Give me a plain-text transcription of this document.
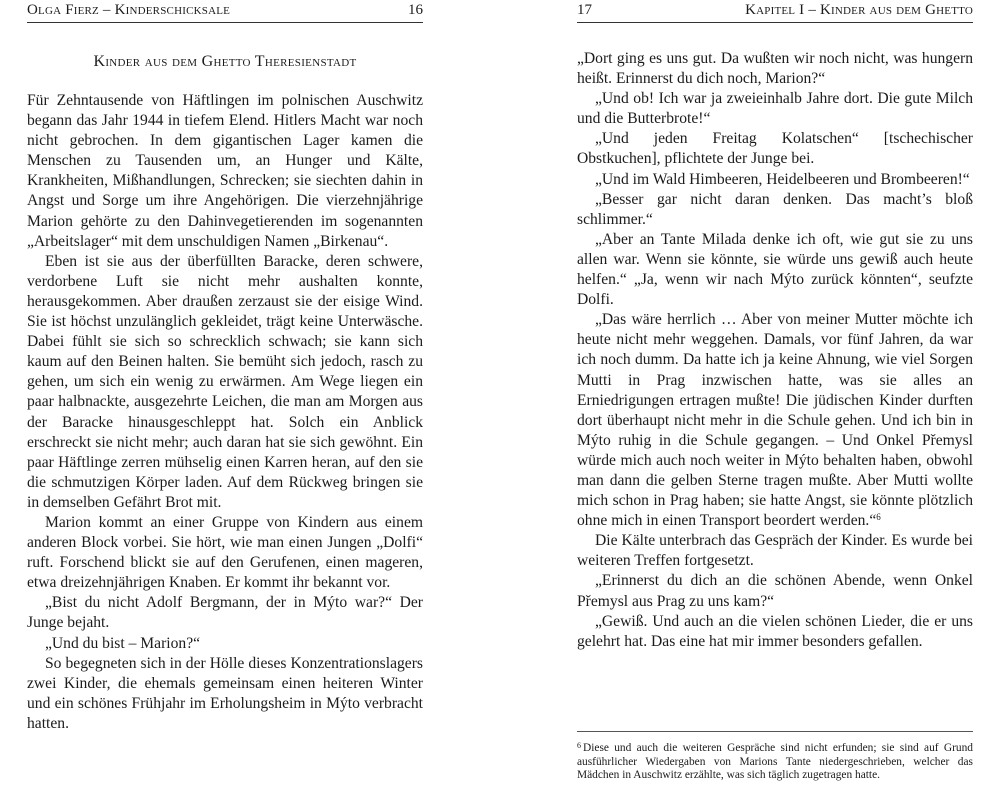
Olga Fierz – Kinderschicksale	16
Kinder aus dem Ghetto Theresienstadt

Für Zehntausende von Häftlingen im polnischen Auschwitz begann das Jahr 1944 in tiefem Elend. Hitlers Macht war noch nicht gebrochen. In dem gigantischen Lager kamen die Menschen zu Tausenden um, an Hunger und Kälte, Krankheiten, Mißhandlungen, Schrecken; sie siechten dahin in Angst und Sorge um ihre Angehörigen. Die vierzehnjährige Marion gehörte zu den Dahinvegetierenden im sogenannten „Arbeitslager“ mit dem unschuldigen Namen „Birkenau“.

Eben ist sie aus der überfüllten Baracke, deren schwere, verdorbene Luft sie nicht mehr aushalten konnte, herausgekommen. Aber draußen zerzaust sie der eisige Wind. Sie ist höchst unzulänglich gekleidet, trägt keine Unterwäsche. Dabei fühlt sie sich so schrecklich schwach; sie kann sich kaum auf den Beinen halten. Sie bemüht sich jedoch, rasch zu gehen, um sich ein wenig zu erwärmen. Am Wege liegen ein paar halbnackte, ausgezehrte Leichen, die man am Morgen aus der Baracke hinausgeschleppt hat. Solch ein Anblick erschreckt sie nicht mehr; auch daran hat sie sich gewöhnt. Ein paar Häftlinge zerren mühselig einen Karren heran, auf den sie die schmutzigen Körper laden. Auf dem Rückweg bringen sie in demselben Gefährt Brot mit.

Marion kommt an einer Gruppe von Kindern aus einem anderen Block vorbei. Sie hört, wie man einen Jungen „Dolfi“ ruft. Forschend blickt sie auf den Gerufenen, einen mageren, etwa dreizehnjährigen Knaben. Er kommt ihr bekannt vor.

„Bist du nicht Adolf Bergmann, der in Mýto war?“ Der Junge bejaht.

„Und du bist – Marion?“

So begegneten sich in der Hölle dieses Konzentrationslagers zwei Kinder, die ehemals gemeinsam einen heiteren Winter und ein schönes Frühjahr im Erholungsheim in Mýto verbracht hatten.

17	Kapitel I – Kinder aus dem Ghetto

„Dort ging es uns gut. Da wußten wir noch nicht, was hungern heißt. Erinnerst du dich noch, Marion?“

„Und ob! Ich war ja zweieinhalb Jahre dort. Die gute Milch und die Butterbrote!“

„Und jeden Freitag Kolatschen“ [tschechischer Obstkuchen], pflichtete der Junge bei.

„Und im Wald Himbeeren, Heidelbeeren und Brombeeren!“

„Besser gar nicht daran denken. Das macht’s bloß schlimmer.“

„Aber an Tante Milada denke ich oft, wie gut sie zu uns allen war. Wenn sie könnte, sie würde uns gewiß auch heute helfen.“ „Ja, wenn wir nach Mýto zurück könnten“, seufzte Dolfi.

„Das wäre herrlich … Aber von meiner Mutter möchte ich heute nicht mehr weggehen. Damals, vor fünf Jahren, da war ich noch dumm. Da hatte ich ja keine Ahnung, wie viel Sorgen Mutti in Prag inzwischen hatte, was sie alles an Erniedrigungen ertragen mußte! Die jüdischen Kinder durften dort überhaupt nicht mehr in die Schule gehen. Und ich bin in Mýto ruhig in die Schule gegangen. – Und Onkel Přemysl würde mich auch noch weiter in Mýto behalten haben, obwohl man dann die gelben Sterne tragen mußte. Aber Mutti wollte mich schon in Prag haben; sie hatte Angst, sie könnte plötzlich ohne mich in einen Transport beordert werden.“$^6$

Die Kälte unterbrach das Gespräch der Kinder. Es wurde bei weiteren Treffen fortgesetzt.

„Erinnerst du dich an die schönen Abende, wenn Onkel Přemysl aus Prag zu uns kam?“

„Gewiß. Und auch an die vielen schönen Lieder, die er uns gelehrt hat. Das eine hat mir immer besonders gefallen.

$^6$ Diese und auch die weiteren Gespräche sind nicht erfunden; sie sind auf Grund ausführlicher Wiedergaben von Marions Tante niedergeschrieben, welcher das Mädchen in Auschwitz erzählte, was sich täglich zugetragen hatte.
